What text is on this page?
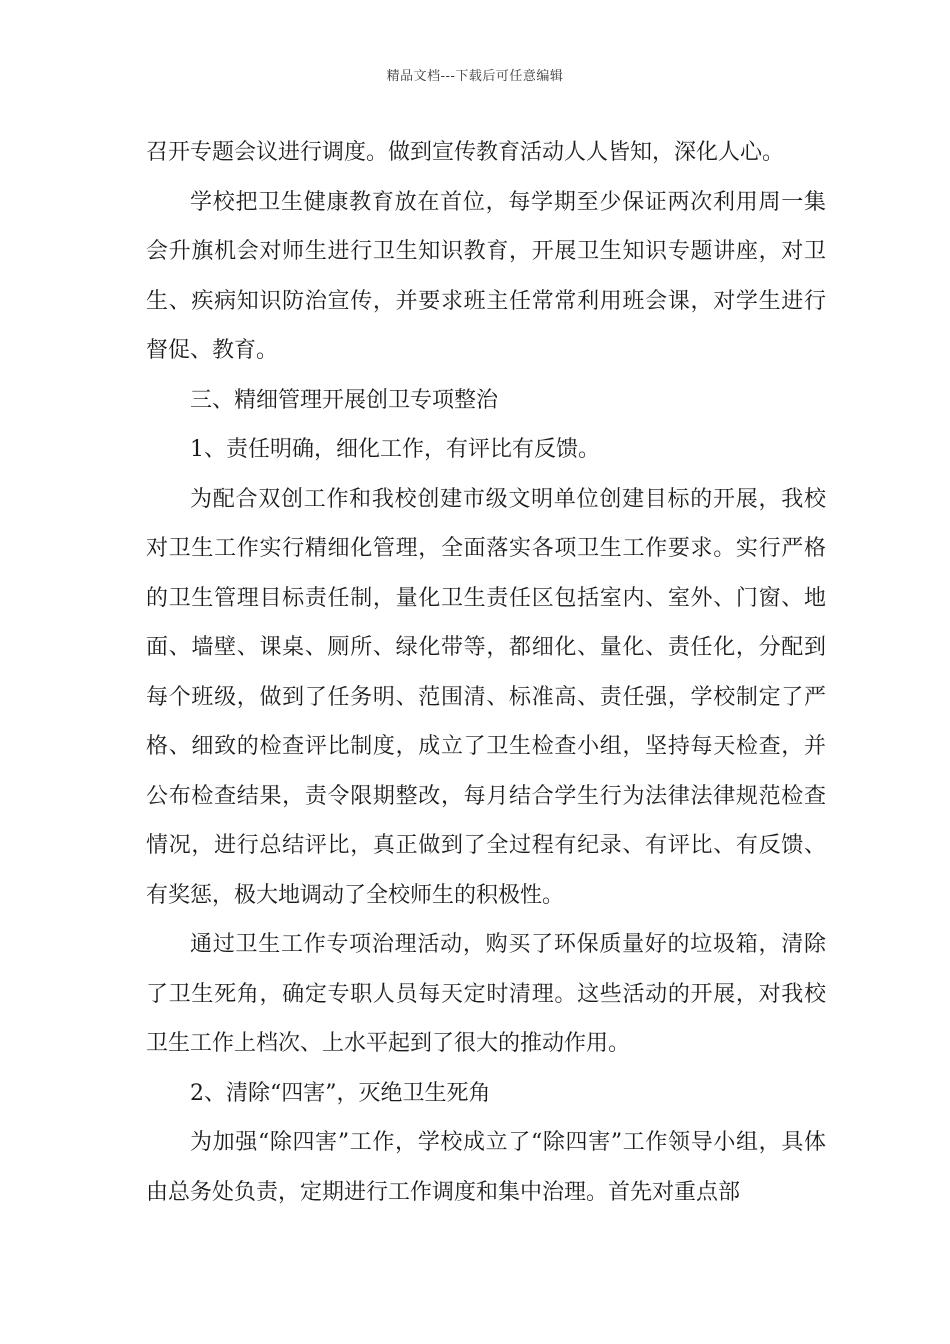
精品文档---下载后可任意编辑

召开专题会议进行调度。做到宣传教育活动人人皆知，深化人心。

学校把卫生健康教育放在首位，每学期至少保证两次利用周一集会升旗机会对师生进行卫生知识教育，开展卫生知识专题讲座，对卫生、疾病知识防治宣传，并要求班主任常常利用班会课，对学生进行督促、教育。

三、精细管理开展创卫专项整治

1、责任明确，细化工作，有评比有反馈。

为配合双创工作和我校创建市级文明单位创建目标的开展，我校对卫生工作实行精细化管理，全面落实各项卫生工作要求。实行严格的卫生管理目标责任制，量化卫生责任区包括室内、室外、门窗、地面、墙壁、课桌、厕所、绿化带等，都细化、量化、责任化，分配到每个班级，做到了任务明、范围清、标准高、责任强，学校制定了严格、细致的检查评比制度，成立了卫生检查小组，坚持每天检查，并公布检查结果，责令限期整改，每月结合学生行为法律法律规范检查情况，进行总结评比，真正做到了全过程有纪录、有评比、有反馈、有奖惩，极大地调动了全校师生的积极性。

通过卫生工作专项治理活动，购买了环保质量好的垃圾箱，清除了卫生死角，确定专职人员每天定时清理。这些活动的开展，对我校卫生工作上档次、上水平起到了很大的推动作用。

2、清除“四害”，灭绝卫生死角

为加强“除四害”工作，学校成立了“除四害”工作领导小组，具体由总务处负责，定期进行工作调度和集中治理。首先对重点部
